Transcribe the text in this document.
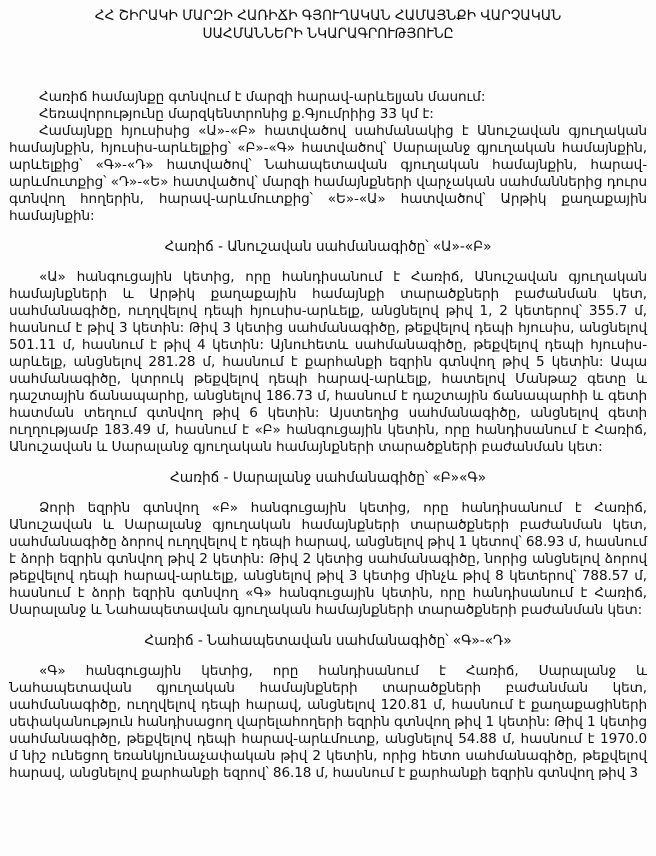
ՀՀ ՇԻՐԱԿԻ ՄԱՐԶԻ ՀԱՌԻՃԻ ԳՅՈՒՂԱԿԱՆ ՀԱՄԱՅՆՔԻ ՎԱՐՉԱԿԱՆ
ՍԱՀՄԱՆՆԵՐԻ ՆԿԱՐԱԳՐՈՒԹՅՈՒՆԸ

Հառիճ համայնքը գտնվում է մարզի հարավ-արևելյան մասում:

Հեռավորությունը մարզկենտրոնից ք.Գյումրիից 33 կմ է:

Համայնքը հյուսիսից «Ա»-«Բ» հատվածով սահմանակից է Անուշավան գյուղական համայնքին, հյուսիս-արևելքից՝ «Բ»-«Գ» հատվածով՝ Սարալանջ գյուղական համայնքին, արևելքից՝ «Գ»-«Դ» հատվածով՝ Նահապետավան գյուղական համայնքին, հարավ-արևմուտքից՝ «Դ»-«Ե» հատվածով՝ մարզի համայնքների վարչական սահմաններից դուրս գտնվող հողերին, հարավ-արևմուտքից՝ «Ե»-«Ա» հատվածով՝ Արթիկ քաղաքային համայնքին:

Հառիճ - Անուշավան սահմանագիծը՝ «Ա»-«Բ»

«Ա» հանգուցային կետից, որը հանդիսանում է Հառիճ, Անուշավան գյուղական համայնքների և Արթիկ քաղաքային համայնքի տարածքների բաժանման կետ, սահմանագիծը, ուղղվելով դեպի հյուսիս-արևելք, անցնելով թիվ 1, 2 կետերով՝ 355.7 մ, հասնում է թիվ 3 կետին: Թիվ 3 կետից սահմանագիծը, թեքվելով դեպի հյուսիս, անցնելով 501.11 մ, հասնում է թիվ 4 կետին: Այնուհետև սահմանագիծը, թեքվելով դեպի հյուսիս-արևելք, անցնելով 281.28 մ, հասնում է քարհանքի եզրին գտնվող թիվ 5 կետին: Ապա սահմանագիծը, կտրուկ թեքվելով դեպի հարավ-արևելք, հատելով Մանթաշ գետը և դաշտային ճանապարհը, անցնելով 186.73 մ, հասնում է դաշտային ճանապարհի և գետի հատման տեղում գտնվող թիվ 6 կետին: Այստեղից սահմանագիծը, անցնելով գետի ուղղությամբ 183.49 մ, հասնում է «Բ» հանգուցային կետին, որը հանդիսանում է Հառիճ, Անուշավան և Սարալանջ գյուղական համայնքների տարածքների բաժանման կետ:

Հառիճ - Սարալանջ սահմանագիծը՝ «Բ»«Գ»

Ձորի եզրին գտնվող «Բ» հանգուցային կետից, որը հանդիսանում է Հառիճ, Անուշավան և Սարալանջ գյուղական համայնքների տարածքների բաժանման կետ, սահմանագիծը ձորով ուղղվելով է դեպի հարավ, անցնելով թիվ 1 կետով՝ 68.93 մ, հասնում է ձորի եզրին գտնվող թիվ 2 կետին: Թիվ 2 կետից սահմանագիծը, նորից անցնելով ձորով թեքվելով դեպի հարավ-արևելք, անցնելով թիվ 3 կետից մինչև թիվ 8 կետերով՝ 788.57 մ, հասնում է ձորի եզրին գտնվող «Գ» հանգուցային կետին, որը հանդիսանում է Հառիճ, Սարալանջ և Նահապետավան գյուղական համայնքների տարածքների բաժանման կետ:

Հառիճ - Նահապետավան սահմանագիծը՝ «Գ»-«Դ»

«Գ» հանգուցային կետից, որը հանդիսանում է Հառիճ, Սարալանջ և Նահապետավան գյուղական համայնքների տարածքների բաժանման կետ, սահմանագիծը, ուղղվելով դեպի հարավ, անցնելով 120.81 մ, հասնում է քաղաքացիների սեփականություն հանդիսացող վարելահողերի եզրին գտնվող թիվ 1 կետին: Թիվ 1 կետից սահմանագիծը, թեքվելով դեպի հարավ-արևմուտք, անցնելով 54.88 մ, հասնում է 1970.0 մ նիշ ունեցող եռանկյունաչափական թիվ 2 կետին, որից հետո սահմանագիծը, թեքվելով հարավ, անցնելով քարհանքի եզրով՝ 86.18 մ, հասնում է քարհանքի եզրին գտնվող թիվ 3
